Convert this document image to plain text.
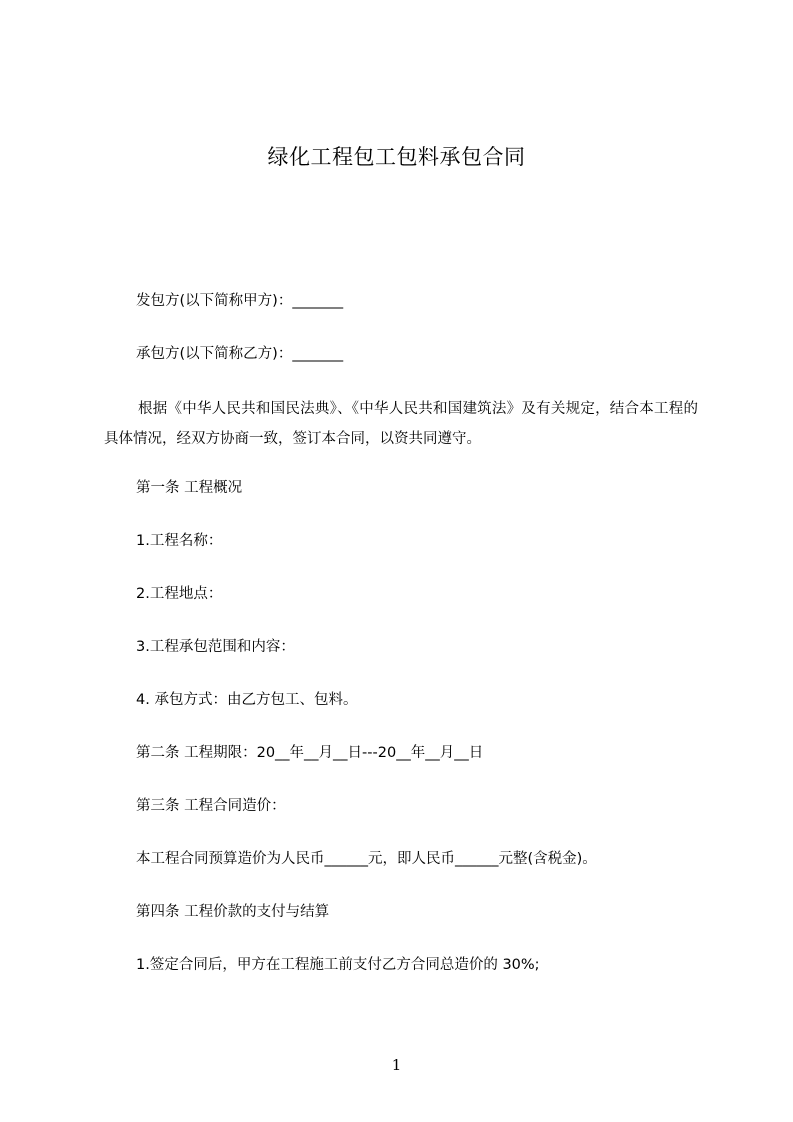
绿化工程包工包料承包合同
发包方(以下简称甲方)：_______
承包方(以下简称乙方)：_______
根据《中华人民共和国民法典》、《中华人民共和国建筑法》及有关规定，结合本工程的具体情况，经双方协商一致，签订本合同，以资共同遵守。
第一条 工程概况
1.工程名称：
2.工程地点：
3.工程承包范围和内容：
4. 承包方式：由乙方包工、包料。
第二条 工程期限：20__年__月__日---20__年__月__日
第三条 工程合同造价：
本工程合同预算造价为人民币______元，即人民币______元整(含税金)。
第四条 工程价款的支付与结算
1.签定合同后，甲方在工程施工前支付乙方合同总造价的 30%;
1
